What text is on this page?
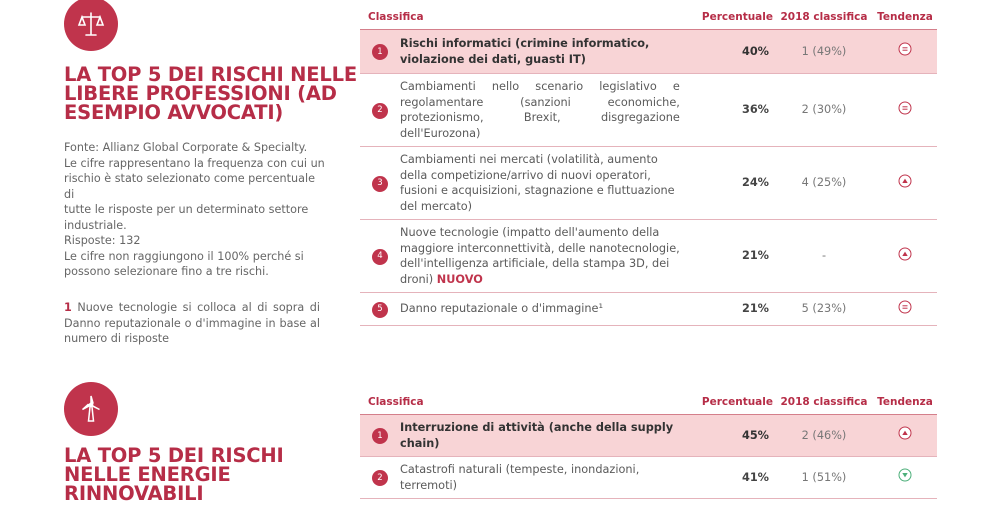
LA TOP 5 DEI RISCHI NELLE
LIBERE PROFESSIONI (AD
ESEMPIO AVVOCATI)

Fonte: Allianz Global Corporate & Specialty.

Le cifre rappresentano la frequenza con cui un

rischio è stato selezionato come percentuale di

tutte le risposte per un determinato settore

industriale.

Risposte: 132

Le cifre non raggiungono il 100% perché si

possono selezionare fino a tre rischi.

1 Nuove tecnologie si colloca al di sopra di Danno reputazionale o d'immagine in base al numero di risposte
Classifica		Percentuale	2018 classifica	Tendenza
1	Rischi informatici (crimine informatico, violazione dei dati, guasti IT)	40%	1 (49%)	
2	Cambiamenti nello scenario legislativo e regolamentare (sanzioni economiche, protezionismo, Brexit, disgregazione dell'Eurozona)	36%	2 (30%)	
3	Cambiamenti nei mercati (volatilità, aumento della competizione/arrivo di nuovi operatori, fusioni e acquisizioni, stagnazione e fluttuazione del mercato)	24%	4 (25%)	
4	Nuove tecnologie (impatto dell'aumento della maggiore interconnettività, delle nanotecnologie, dell'intelligenza artificiale, della stampa 3D, dei droni) NUOVO	21%	-	
5	Danno reputazionale o d'immagine¹	21%	5 (23%)	
LA TOP 5 DEI RISCHI
NELLE ENERGIE
RINNOVABILI
Classifica		Percentuale	2018 classifica	Tendenza
1	Interruzione di attività (anche della supply chain)	45%	2 (46%)	
2	Catastrofi naturali (tempeste, inondazioni, terremoti)	41%	1 (51%)	
